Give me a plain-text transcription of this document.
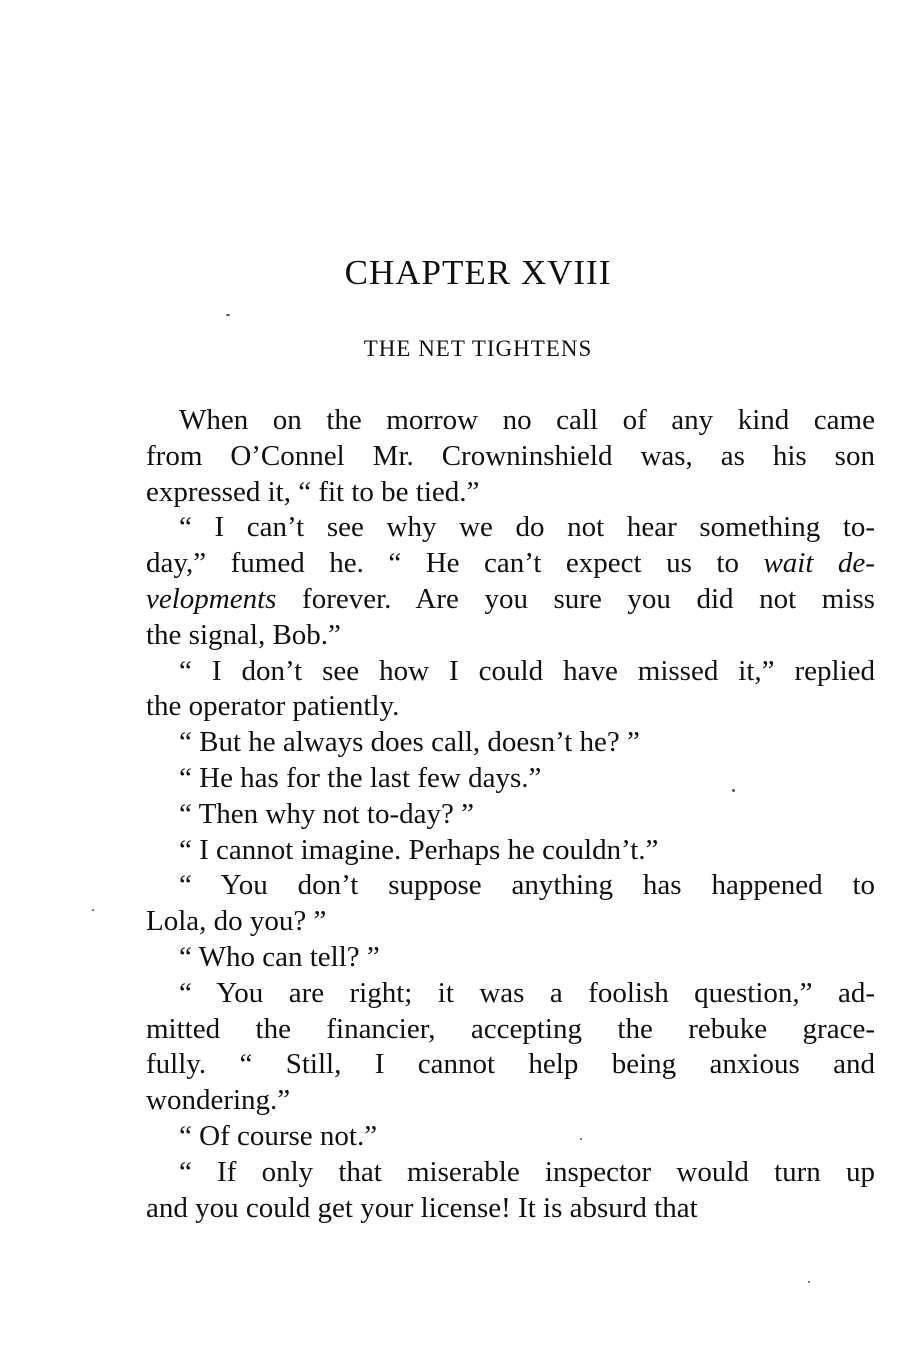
CHAPTER XVIII
THE NET TIGHTENS
When on the morrow no call of any kind came
from O’Connel Mr. Crowninshield was, as his son
expressed it, “ fit to be tied.”
“ I can’t see why we do not hear something to-
day,” fumed he. “ He can’t expect us to wait de-
velopments forever. Are you sure you did not miss
the signal, Bob.”
“ I don’t see how I could have missed it,” replied
the operator patiently.
“ But he always does call, doesn’t he? ”
“ He has for the last few days.”
“ Then why not to-day? ”
“ I cannot imagine. Perhaps he couldn’t.”
“ You don’t suppose anything has happened to
Lola, do you? ”
“ Who can tell? ”
“ You are right; it was a foolish question,” ad-
mitted the financier, accepting the rebuke grace-
fully. “ Still, I cannot help being anxious and
wondering.”
“ Of course not.”
“ If only that miserable inspector would turn up
and you could get your license! It is absurd that
